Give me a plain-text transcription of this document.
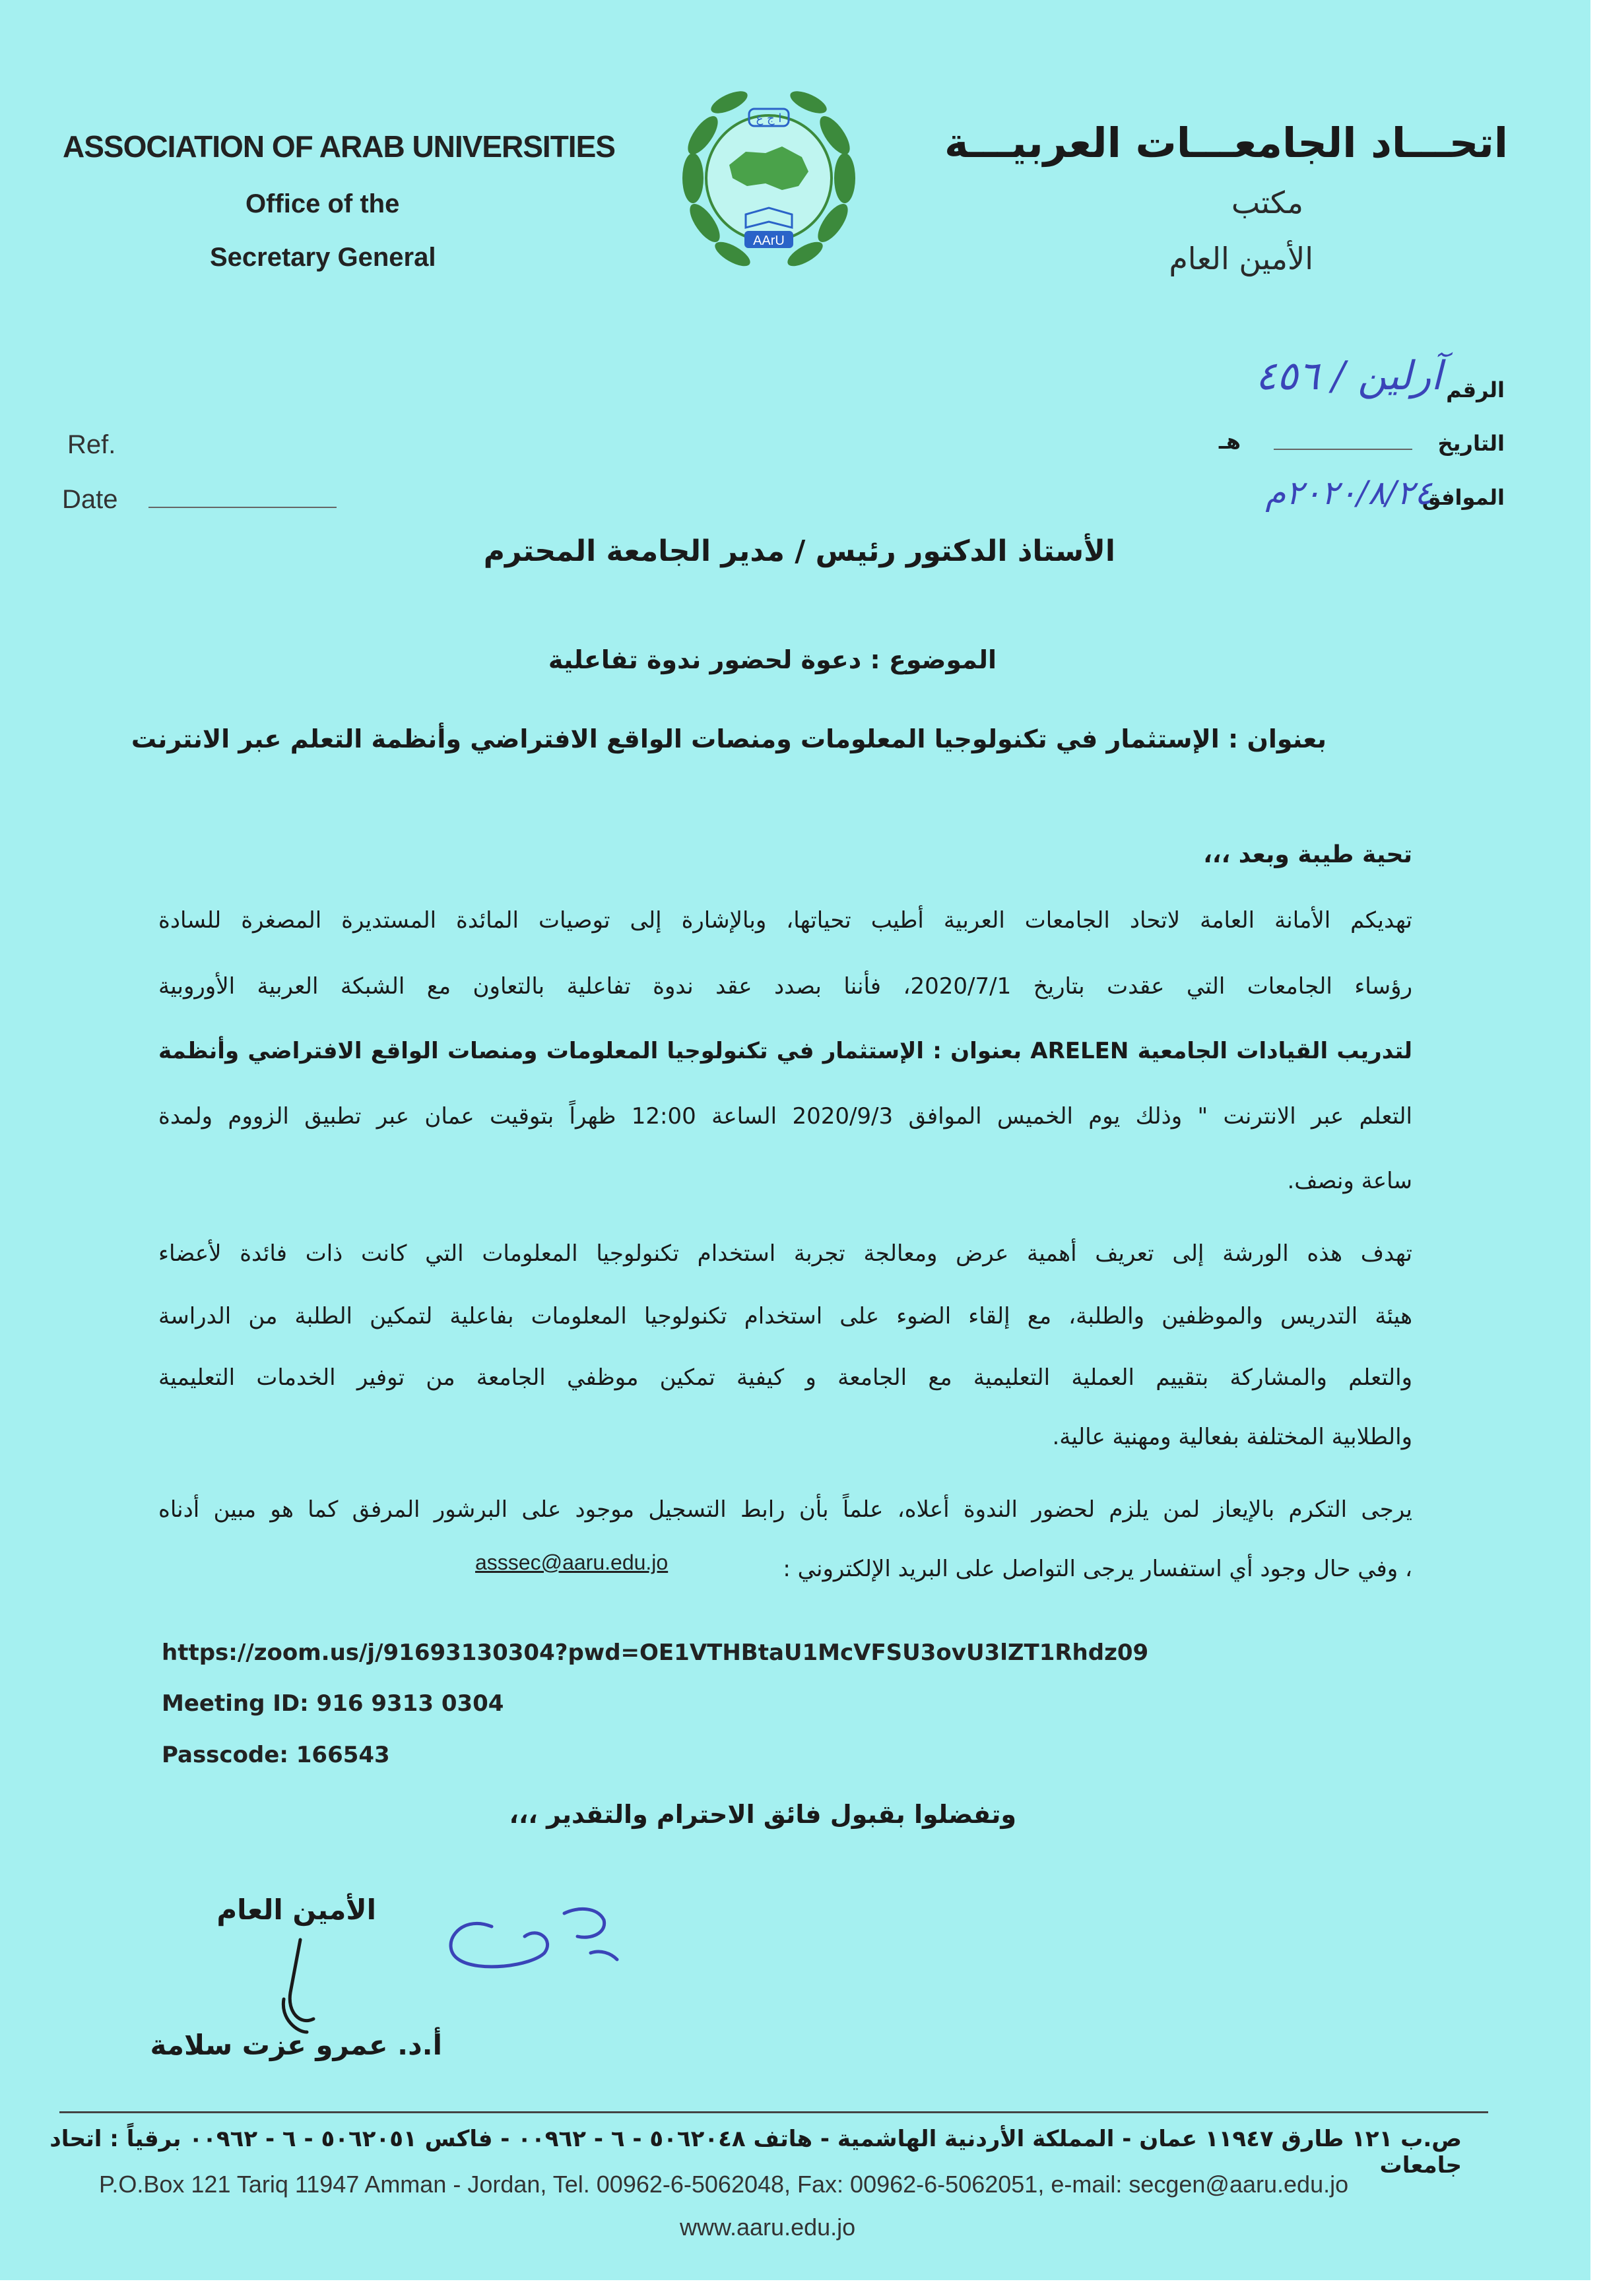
ASSOCIATION OF ARAB UNIVERSITIES
Office of the
Secretary General
ا ج ع
AArU
اتحـــاد الجامعـــات العربيـــة
مكتب
الأمين العام
Ref.
Date
الرقم
آرلين / ٤٥٦
التاريخ
هـ
الموافق
٢٠٢٠/٨/٢٤م
الأستاذ الدكتور رئيس / مدير الجامعة المحترم
الموضوع : دعوة لحضور ندوة تفاعلية
بعنوان : الإستثمار في تكنولوجيا المعلومات ومنصات الواقع الافتراضي وأنظمة التعلم عبر الانترنت
تحية طيبة وبعد ،،،
تهديكم الأمانة العامة لاتحاد الجامعات العربية أطيب تحياتها، وبالإشارة إلى توصيات المائدة المستديرة المصغرة للسادة
رؤساء الجامعات التي عقدت بتاريخ 2020/7/1، فأننا بصدد عقد ندوة تفاعلية بالتعاون مع الشبكة العربية الأوروبية
لتدريب القيادات الجامعية ARELEN بعنوان : الإستثمار في تكنولوجيا المعلومات ومنصات الواقع الافتراضي وأنظمة
التعلم عبر الانترنت " وذلك يوم الخميس الموافق 2020/9/3 الساعة 12:00 ظهراً بتوقيت عمان عبر تطبيق الزووم ولمدة
ساعة ونصف.
تهدف هذه الورشة إلى تعريف أهمية عرض ومعالجة تجربة استخدام تكنولوجيا المعلومات التي كانت ذات فائدة لأعضاء
هيئة التدريس والموظفين والطلبة، مع إلقاء الضوء على استخدام تكنولوجيا المعلومات بفاعلية لتمكين الطلبة من الدراسة
والتعلم والمشاركة بتقييم العملية التعليمية مع الجامعة و كيفية تمكين موظفي الجامعة من توفير الخدمات التعليمية
والطلابية المختلفة بفعالية ومهنية عالية.
يرجى التكرم بالإيعاز لمن يلزم لحضور الندوة أعلاه، علماً بأن رابط التسجيل موجود على البرشور المرفق كما هو مبين أدناه
، وفي حال وجود أي استفسار يرجى التواصل على البريد الإلكتروني :
asssec@aaru.edu.jo
https://zoom.us/j/91693130304?pwd=OE1VTHBtaU1McVFSU3ovU3lZT1Rhdz09
Meeting ID: 916 9313 0304
Passcode: 166543
وتفضلوا بقبول فائق الاحترام والتقدير ،،،
الأمين العام
أ.د. عمرو عزت سلامة
ص.ب ١٢١ طارق ١١٩٤٧ عمان - المملكة الأردنية الهاشمية - هاتف ٥٠٦٢٠٤٨ - ٦ - ٠٠٩٦٢ - فاكس ٥٠٦٢٠٥١ - ٦ - ٠٠٩٦٢ برقياً : اتحاد جامعات
P.O.Box 121 Tariq 11947 Amman - Jordan, Tel. 00962-6-5062048, Fax: 00962-6-5062051, e-mail: secgen@aaru.edu.jo
www.aaru.edu.jo
